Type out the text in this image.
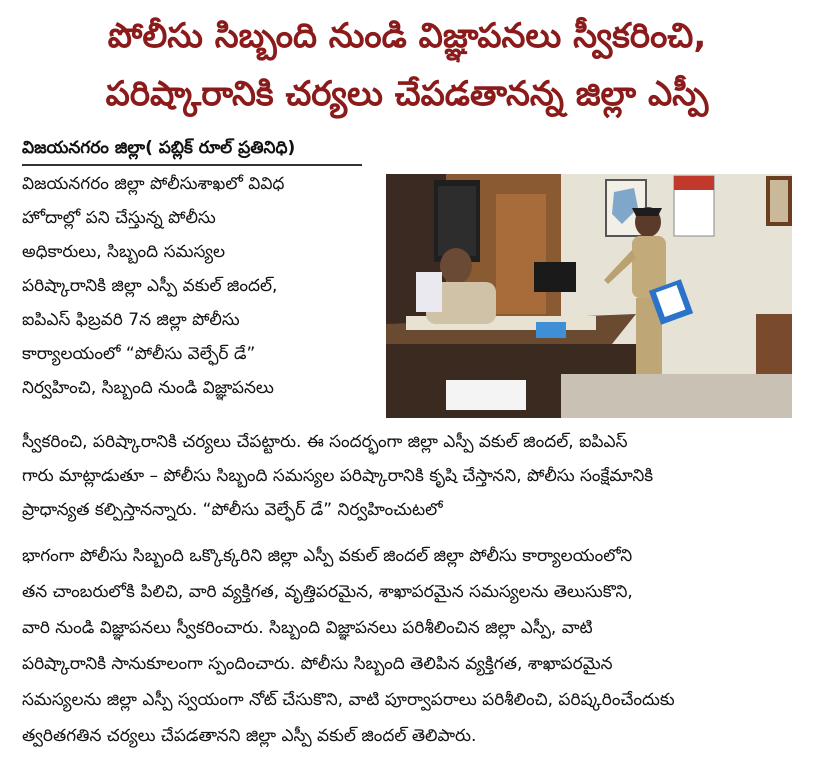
పోలీసు సిబ్బంది నుండి విజ్ఞాపనలు స్వీకరించి,
పరిష్కారానికి చర్యలు చేపడతానన్న జిల్లా ఎస్పీ
విజయనగరం జిల్లా( పబ్లిక్ రూల్ ప్రతినిధి)
విజయనగరం జిల్లా పోలీసుశాఖలో వివిధ
హోదాల్లో పని చేస్తున్న పోలీసు
అధికారులు, సిబ్బంది సమస్యల
పరిష్కారానికి జిల్లా ఎస్పీ వకుల్ జిందల్,
ఐపిఎస్ ఫిబ్రవరి 7న జిల్లా పోలీసు
కార్యాలయంలో “పోలీసు వెల్ఫేర్ డే”
నిర్వహించి, సిబ్బంది నుండి విజ్ఞాపనలు
స్వీకరించి, పరిష్కారానికి చర్యలు చేపట్టారు. ఈ సందర్భంగా జిల్లా ఎస్పీ వకుల్ జిందల్, ఐపిఎస్
గారు మాట్లాడుతూ – పోలీసు సిబ్బంది సమస్యల పరిష్కారానికి కృషి చేస్తానని, పోలీసు సంక్షేమానికి
ప్రాధాన్యత కల్పిస్తానన్నారు. “పోలీసు వెల్ఫేర్ డే” నిర్వహించుటలో
భాగంగా పోలీసు సిబ్బంది ఒక్కొక్కరిని జిల్లా ఎస్పీ వకుల్ జిందల్ జిల్లా పోలీసు కార్యాలయంలోని
తన చాంబరులోకి పిలిచి, వారి వ్యక్తిగత, వృత్తిపరమైన, శాఖాపరమైన సమస్యలను తెలుసుకొని,
వారి నుండి విజ్ఞాపనలు స్వీకరించారు. సిబ్బంది విజ్ఞాపనలు పరిశీలించిన జిల్లా ఎస్పీ, వాటి
పరిష్కారానికి సానుకూలంగా స్పందించారు. పోలీసు సిబ్బంది తెలిపిన వ్యక్తిగత, శాఖాపరమైన
సమస్యలను జిల్లా ఎస్పీ స్వయంగా నోట్ చేసుకొని, వాటి పూర్వాపరాలు పరిశీలించి, పరిష్కరించేందుకు
త్వరితగతిన చర్యలు చేపడతానని జిల్లా ఎస్పీ వకుల్ జిందల్ తెలిపారు.
